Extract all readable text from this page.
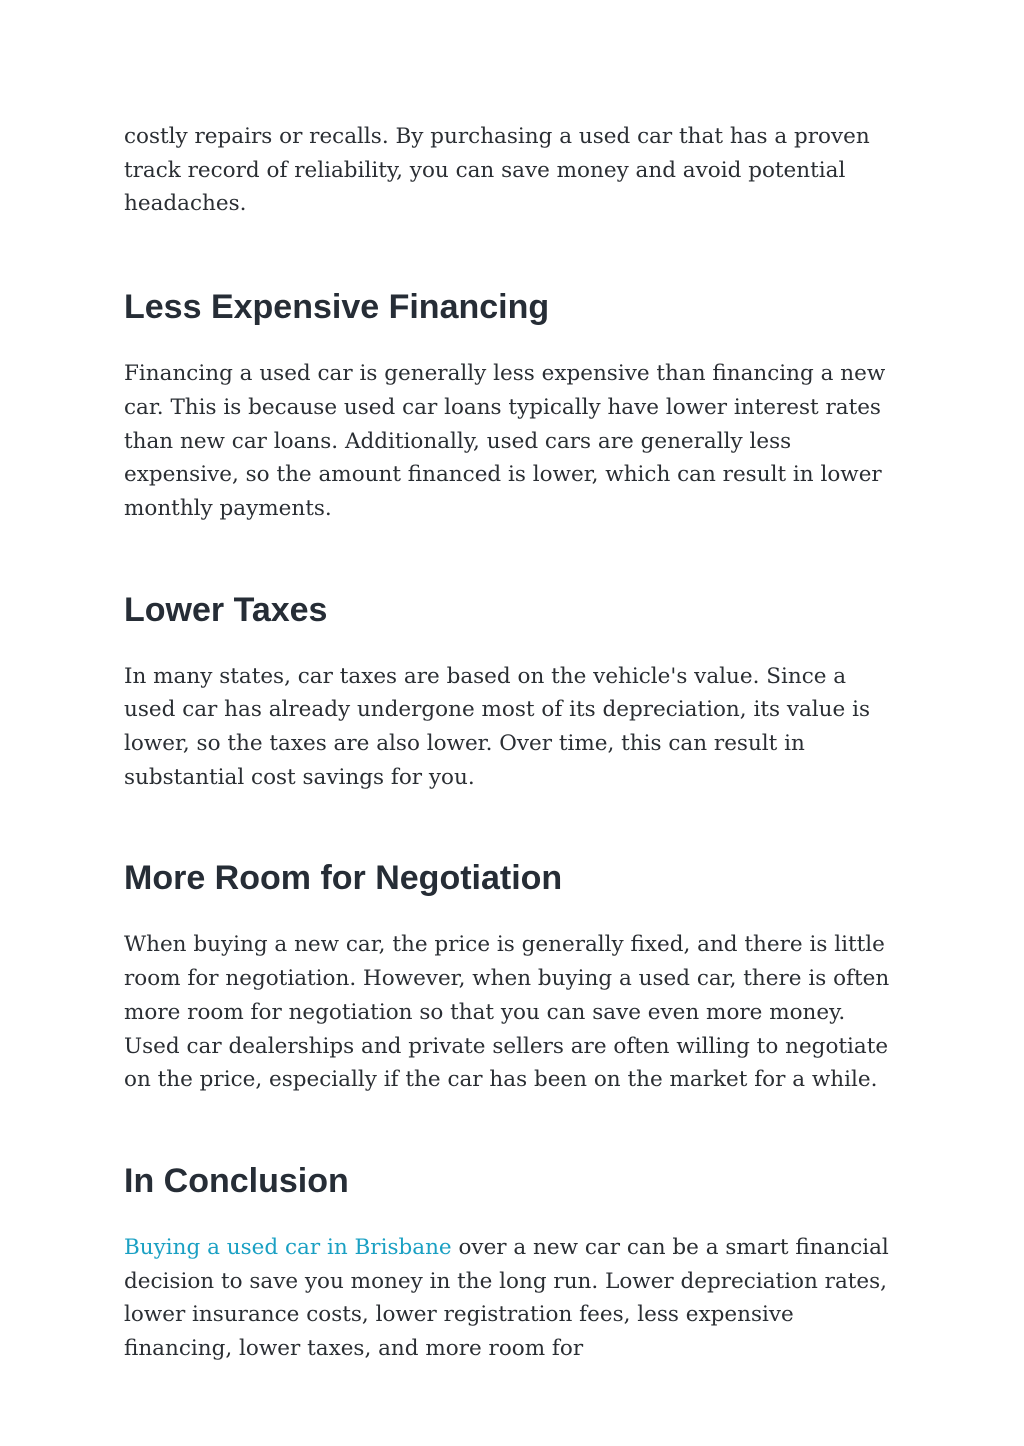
costly repairs or recalls. By purchasing a used car that has a proven track record of reliability, you can save money and avoid potential headaches.

Less Expensive Financing

Financing a used car is generally less expensive than financing a new car. This is because used car loans typically have lower interest rates than new car loans. Additionally, used cars are generally less expensive, so the amount financed is lower, which can result in lower monthly payments.

Lower Taxes

In many states, car taxes are based on the vehicle's value. Since a used car has already undergone most of its depreciation, its value is lower, so the taxes are also lower. Over time, this can result in substantial cost savings for you.

More Room for Negotiation

When buying a new car, the price is generally fixed, and there is little room for negotiation. However, when buying a used car, there is often more room for negotiation so that you can save even more money. Used car dealerships and private sellers are often willing to negotiate on the price, especially if the car has been on the market for a while.

In Conclusion

Buying a used car in Brisbane over a new car can be a smart financial decision to save you money in the long run. Lower depreciation rates, lower insurance costs, lower registration fees, less expensive financing, lower taxes, and more room for
